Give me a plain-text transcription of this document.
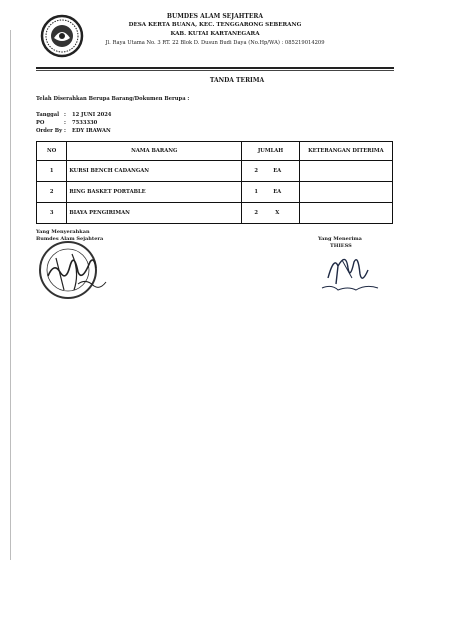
BUMDES ALAM SEJAHTERA
DESA KERTA BUANA, KEC. TENGGARONG SEBERANG
KAB. KUTAI KARTANEGARA
Jl. Raya Utama No. 3 RT. 22 Blok D. Dusun Budi Daya (No.Hp/WA) : 085219014209
TANDA TERIMA
Telah Diserahkan Berupa Barang/Dokumen Berupa :
Tanggal : 12 JUNI 2024
PO	: 7533330
Order By : EDY IRAWAN
NO	NAMA BARANG	JUMLAH	KETERANGAN DITERIMA
1	KURSI BENCH CADANGAN	2 EA	
2	RING BASKET PORTABLE	1 EA	
3	BIAYA PENGIRIMAN	2 X	
Yang Menyerahkan
Bumdes Alam Sejahtera	Yang Menerima
THIESS
